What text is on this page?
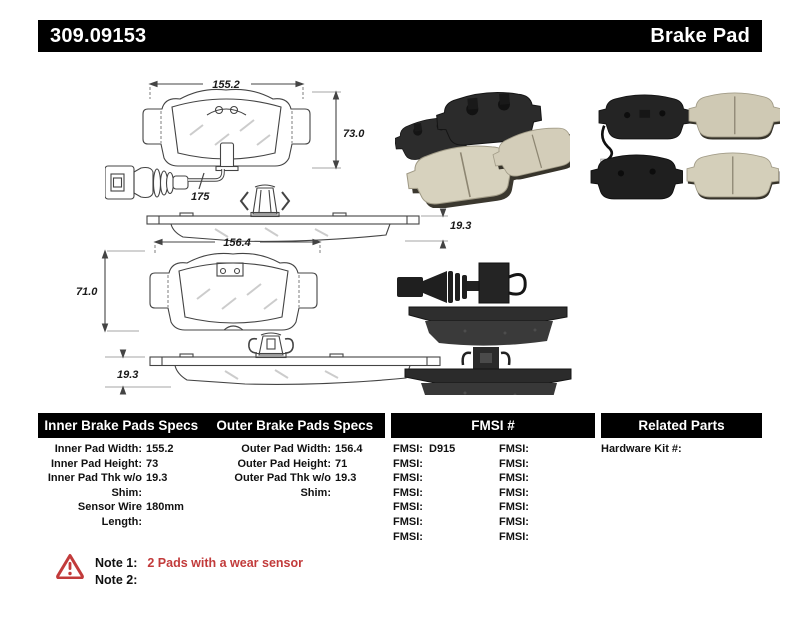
309.09153	Brake Pad
155.2
73.0
175
19.3
156.4
71.0
19.3
Inner Brake Pads Specs	Outer Brake Pads Specs	FMSI #	Related Parts
Inner Pad Width: 155.2
Inner Pad Height: 73
Inner Pad Thk w/o Shim:
19.3
Sensor Wire Length:
180mm
Outer Pad Width: 156.4
Outer Pad Height: 71
Outer Pad Thk w/o Shim:
19.3
FMSI: D915
FMSI:
FMSI:
FMSI:
FMSI:
FMSI:
FMSI:
FMSI:
FMSI:
FMSI:
FMSI:
FMSI:
FMSI:
FMSI:
Hardware Kit #:
Note 1: 2 Pads with a wear sensor
Note 2:
